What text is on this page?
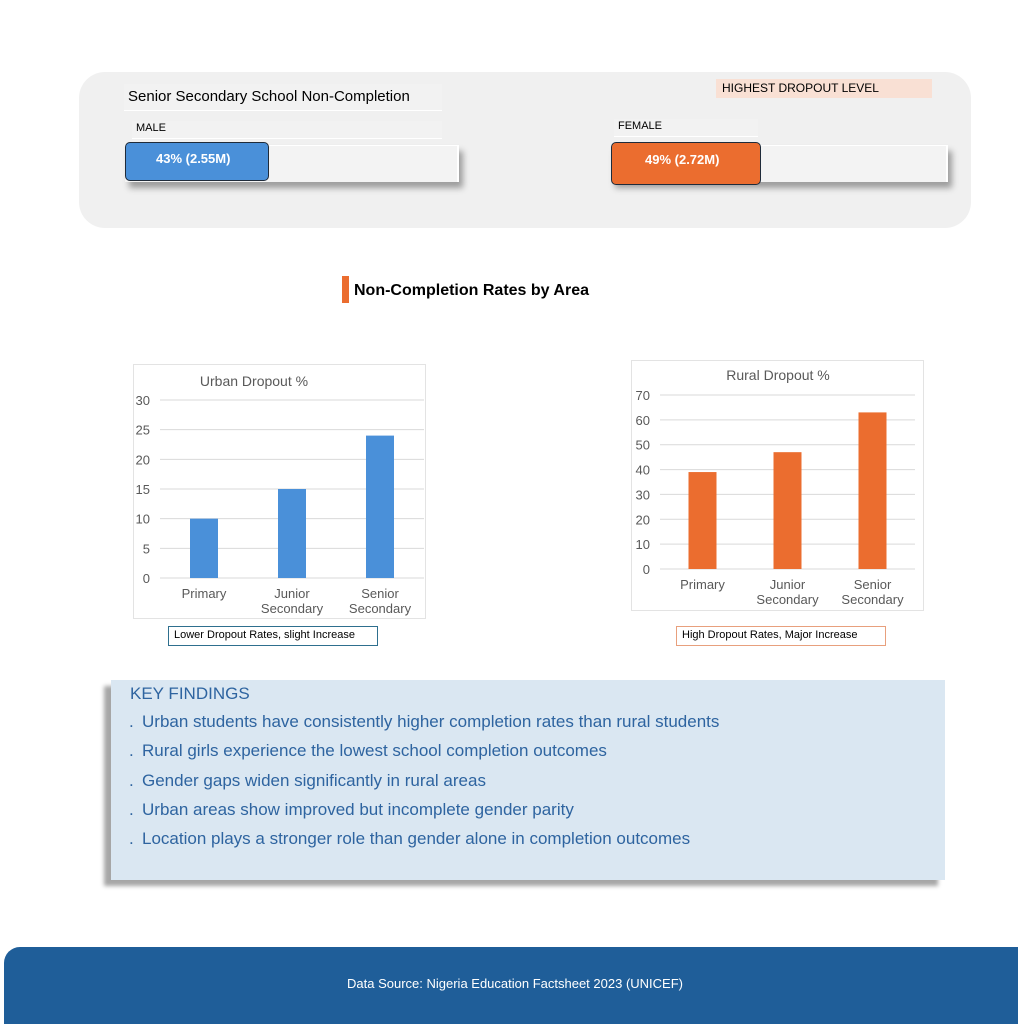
Senior Secondary School Non-Completion	HIGHEST DROPOUT LEVEL
MALE
43% (2.55M)
FEMALE
49% (2.72M)
Non-Completion Rates by Area
Urban Dropout %
0
5
10
15
20
25
30
Primary	Junior Secondary
Senior Secondary
Lower Dropout Rates, slight Increase
Rural Dropout %
0
10
20
30
40
50
60
70
Primary	Junior Secondary
Senior Secondary
High Dropout Rates, Major Increase
KEY FINDINGS
. Urban students have consistently higher completion rates than rural students
. Rural girls experience the lowest school completion outcomes
. Gender gaps widen significantly in rural areas
. Urban areas show improved but incomplete gender parity
. Location plays a stronger role than gender alone in completion outcomes
Data Source: Nigeria Education Factsheet 2023 (UNICEF)
